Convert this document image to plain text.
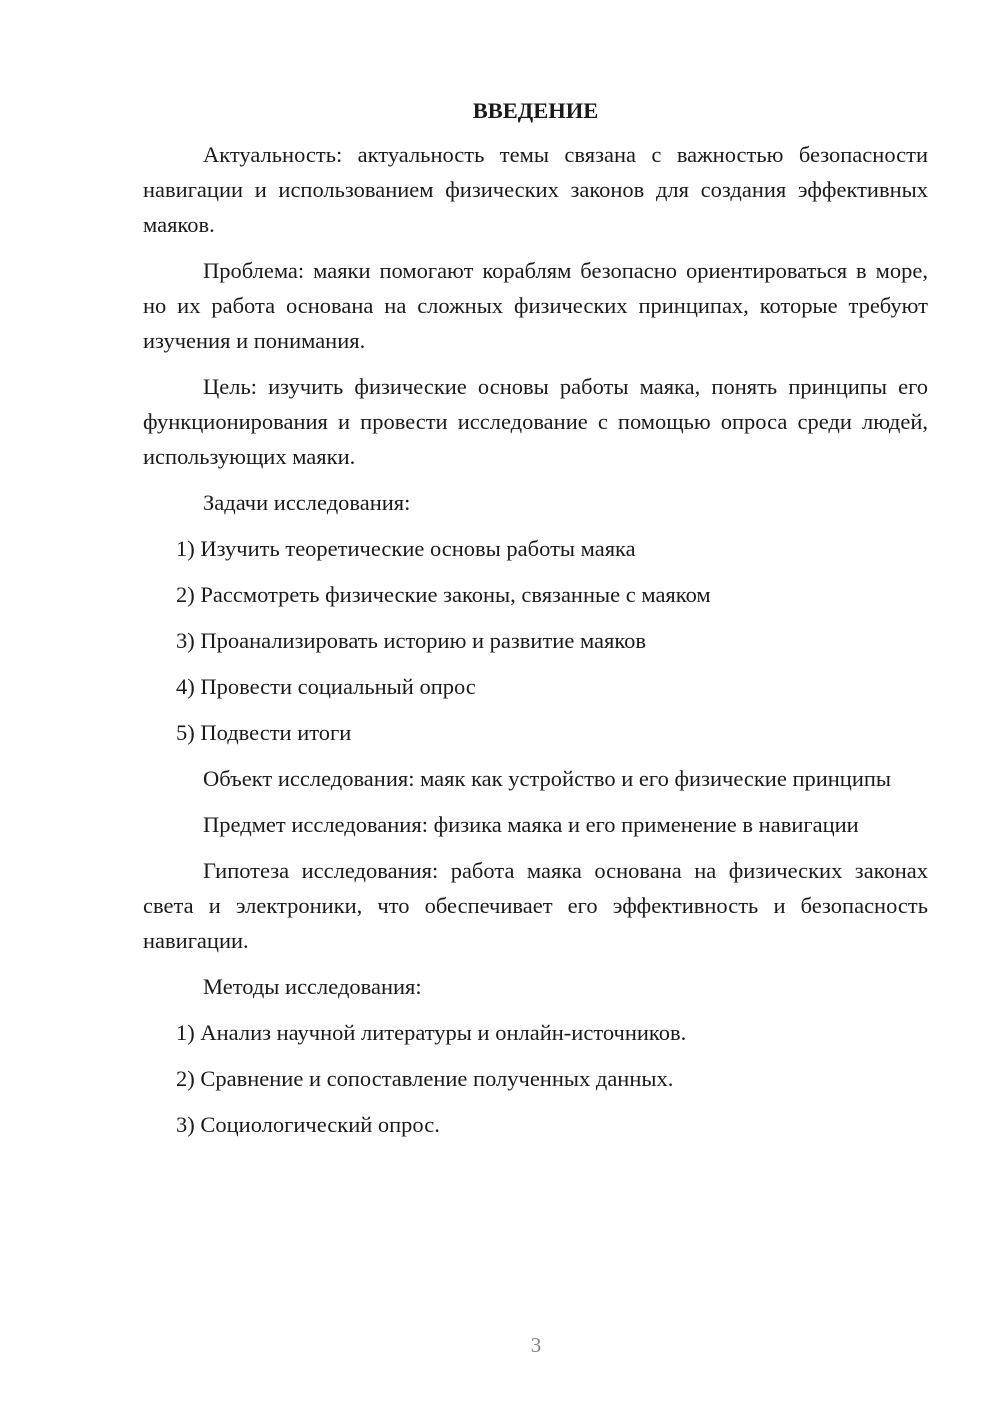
ВВЕДЕНИЕ

Актуальность: актуальность темы связана с важностью безопасности навигации и использованием физических законов для создания эффективных маяков.

Проблема: маяки помогают кораблям безопасно ориентироваться в море, но их работа основана на сложных физических принципах, которые требуют изучения и понимания.

Цель: изучить физические основы работы маяка, понять принципы его функционирования и провести исследование с помощью опроса среди людей, использующих маяки.

Задачи исследования:

1) Изучить теоретические основы работы маяка
2) Рассмотреть физические законы, связанные с маяком
3) Проанализировать историю и развитие маяков
4) Провести социальный опрос
5) Подвести итоги

Объект исследования: маяк как устройство и его физические принципы

Предмет исследования: физика маяка и его применение в навигации

Гипотеза исследования: работа маяка основана на физических законах света и электроники, что обеспечивает его эффективность и безопасность навигации.

Методы исследования:

1) Анализ научной литературы и онлайн-источников.
2) Сравнение и сопоставление полученных данных.
3) Социологический опрос.
3
